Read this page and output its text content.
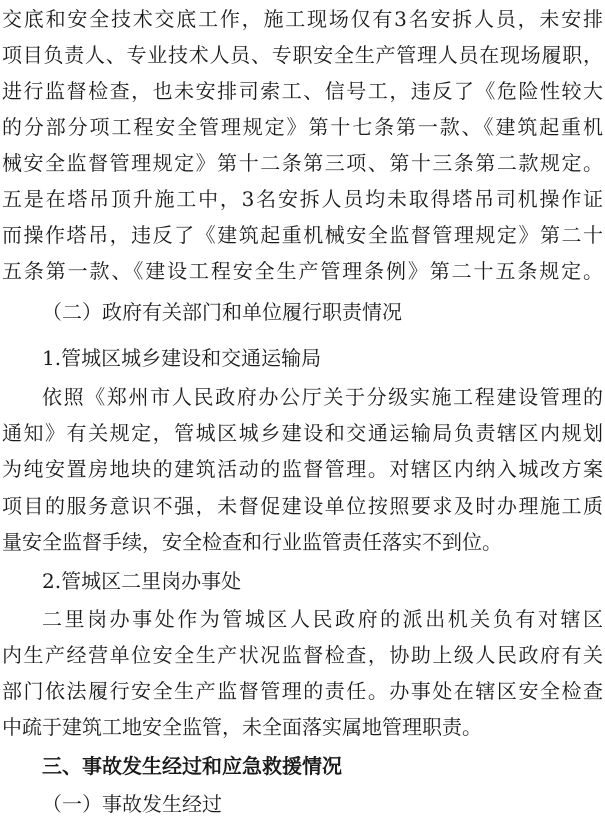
交底和安全技术交底工作，施工现场仅有3名安拆人员，未安排
项目负责人、专业技术人员、专职安全生产管理人员在现场履职，
进行监督检查，也未安排司索工、信号工，违反了《危险性较大
的分部分项工程安全管理规定》第十七条第一款、《建筑起重机
械安全监督管理规定》第十二条第三项、第十三条第二款规定。
五是在塔吊顶升施工中，3名安拆人员均未取得塔吊司机操作证
而操作塔吊，违反了《建筑起重机械安全监督管理规定》第二十
五条第一款、《建设工程安全生产管理条例》第二十五条规定。
（二）政府有关部门和单位履行职责情况
1.管城区城乡建设和交通运输局
依照《郑州市人民政府办公厅关于分级实施工程建设管理的
通知》有关规定，管城区城乡建设和交通运输局负责辖区内规划
为纯安置房地块的建筑活动的监督管理。对辖区内纳入城改方案
项目的服务意识不强，未督促建设单位按照要求及时办理施工质
量安全监督手续，安全检查和行业监管责任落实不到位。
2.管城区二里岗办事处
二里岗办事处作为管城区人民政府的派出机关负有对辖区
内生产经营单位安全生产状况监督检查，协助上级人民政府有关
部门依法履行安全生产监督管理的责任。办事处在辖区安全检查
中疏于建筑工地安全监管，未全面落实属地管理职责。
三、事故发生经过和应急救援情况
（一）事故发生经过
